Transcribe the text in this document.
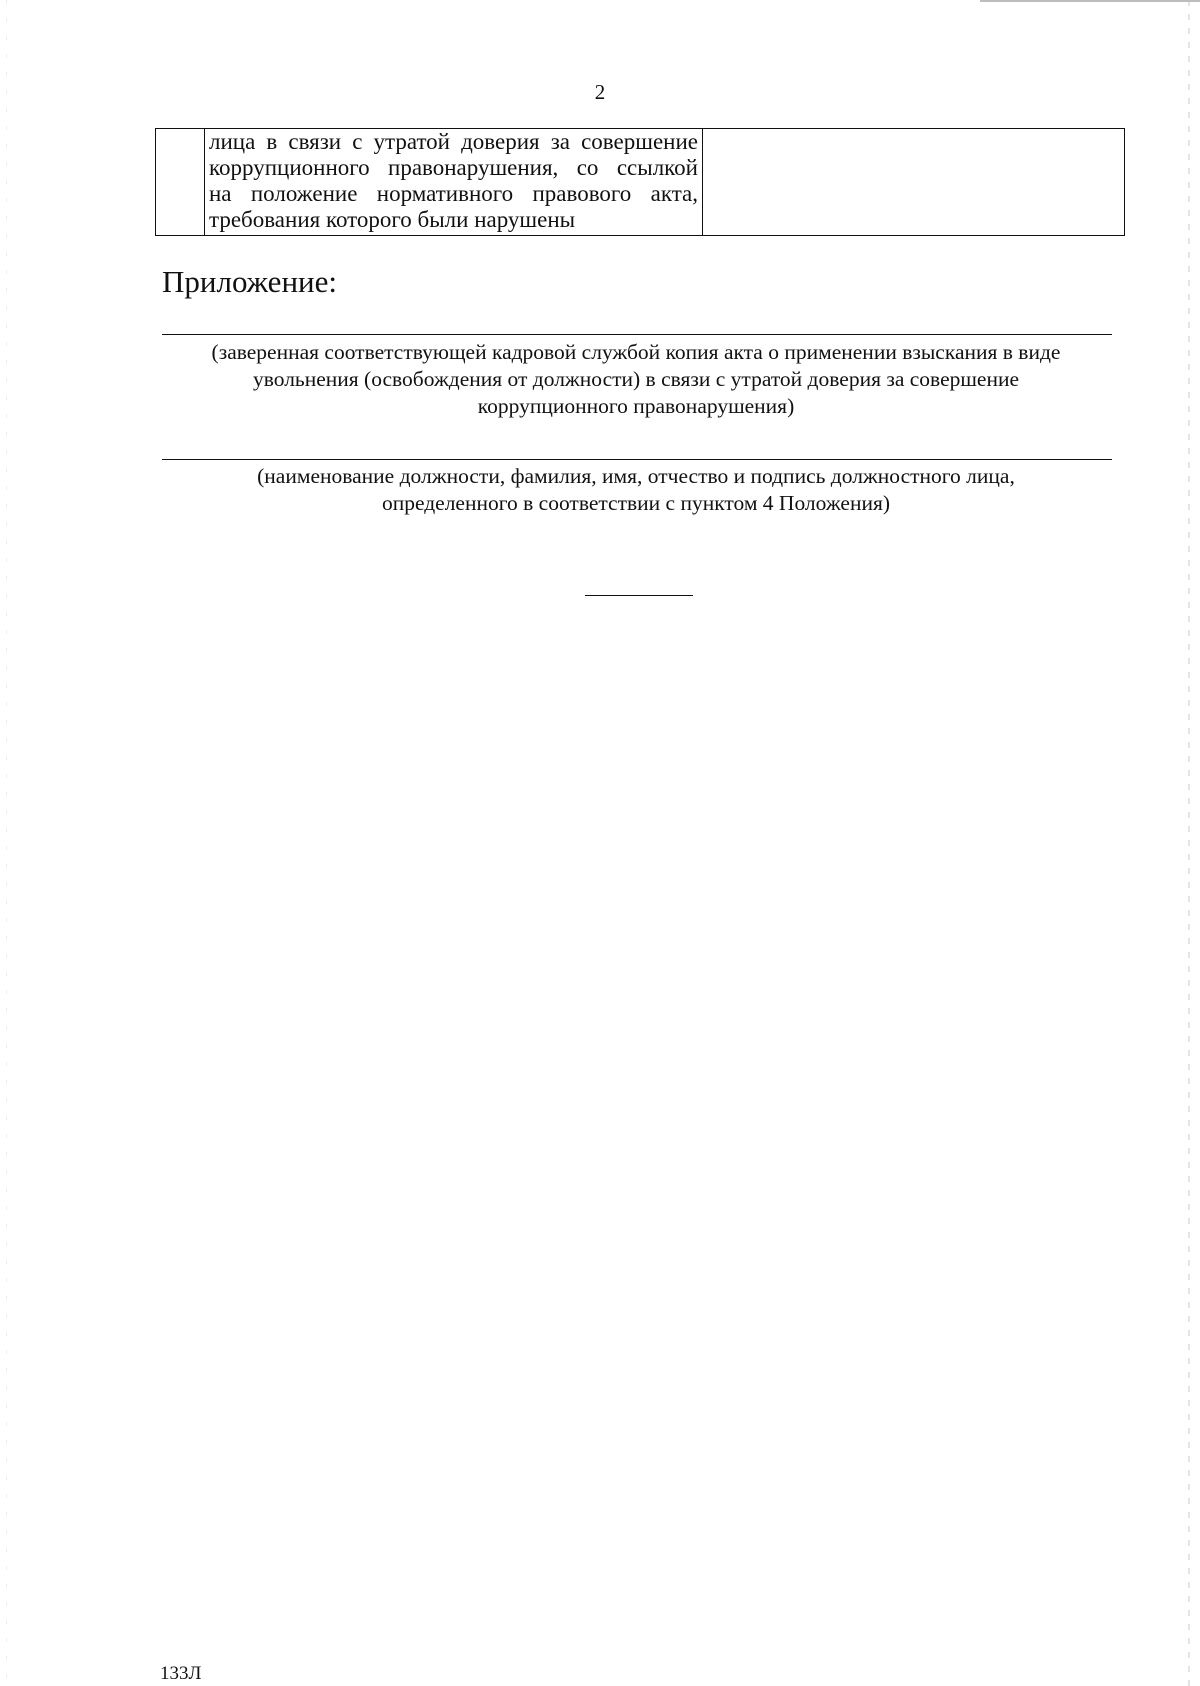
2

лица в связи с утратой доверия за совершение
коррупционного правонарушения, со ссылкой
на положение нормативного правового акта,
требования которого были нарушены

Приложение:
(заверенная соответствующей кадровой службой копия акта о применении взыскания в виде
увольнения (освобождения от должности) в связи с утратой доверия за совершение
коррупционного правонарушения)
(наименование должности, фамилия, имя, отчество и подпись должностного лица,
определенного в соответствии с пунктом 4 Положения)
133Л
